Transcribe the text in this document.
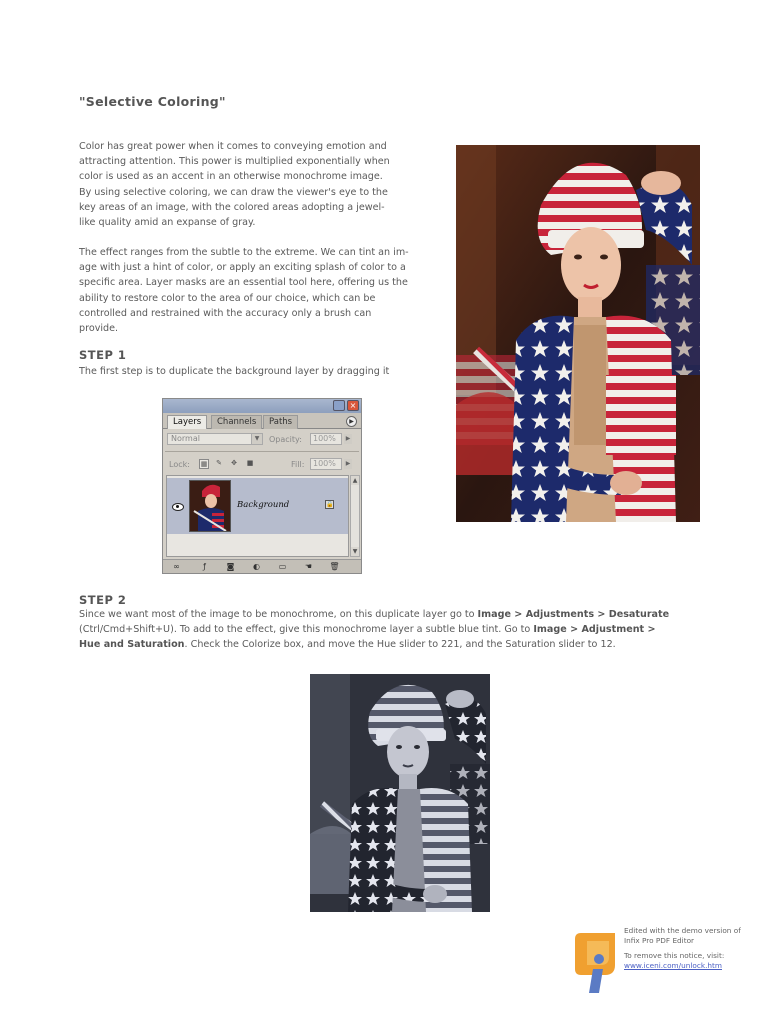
"Selective Coloring"
Color has great power when it comes to conveying emotion and
attracting attention. This power is multiplied exponentially when
color is used as an accent in an otherwise monochrome image.
By using selective coloring, we can draw the viewer's eye to the
key areas of an image, with the colored areas adopting a jewel-
like quality amid an expanse of gray.
The effect ranges from the subtle to the extreme. We can tint an im-
age with just a hint of color, or apply an exciting splash of color to a
specific area. Layer masks are an essential tool here, offering us the
ability to restore color to the area of our choice, which can be
controlled and restrained with the accuracy only a brush can
provide.
STEP 1
The first step is to duplicate the background layer by dragging it
×
Layers	Channels	Paths	▶
Normal	▼	Opacity:	100%	▶
Lock: ▦ ✎ ✥ ■	Fill:	100%	▶
Background	🔒
▲
▼
∞	ƒ	◙ ◐ ▭ ☚ 🗑
STEP 2
Since we want most of the image to be monochrome, on this duplicate layer go to Image > Adjustments > Desaturate
(Ctrl/Cmd+Shift+U). To add to the effect, give this monochrome layer a subtle blue tint. Go to Image > Adjustment >
Hue and Saturation. Check the Colorize box, and move the Hue slider to 221, and the Saturation slider to 12.
Edited with the demo version of
Infix Pro PDF Editor
To remove this notice, visit:
www.iceni.com/unlock.htm
